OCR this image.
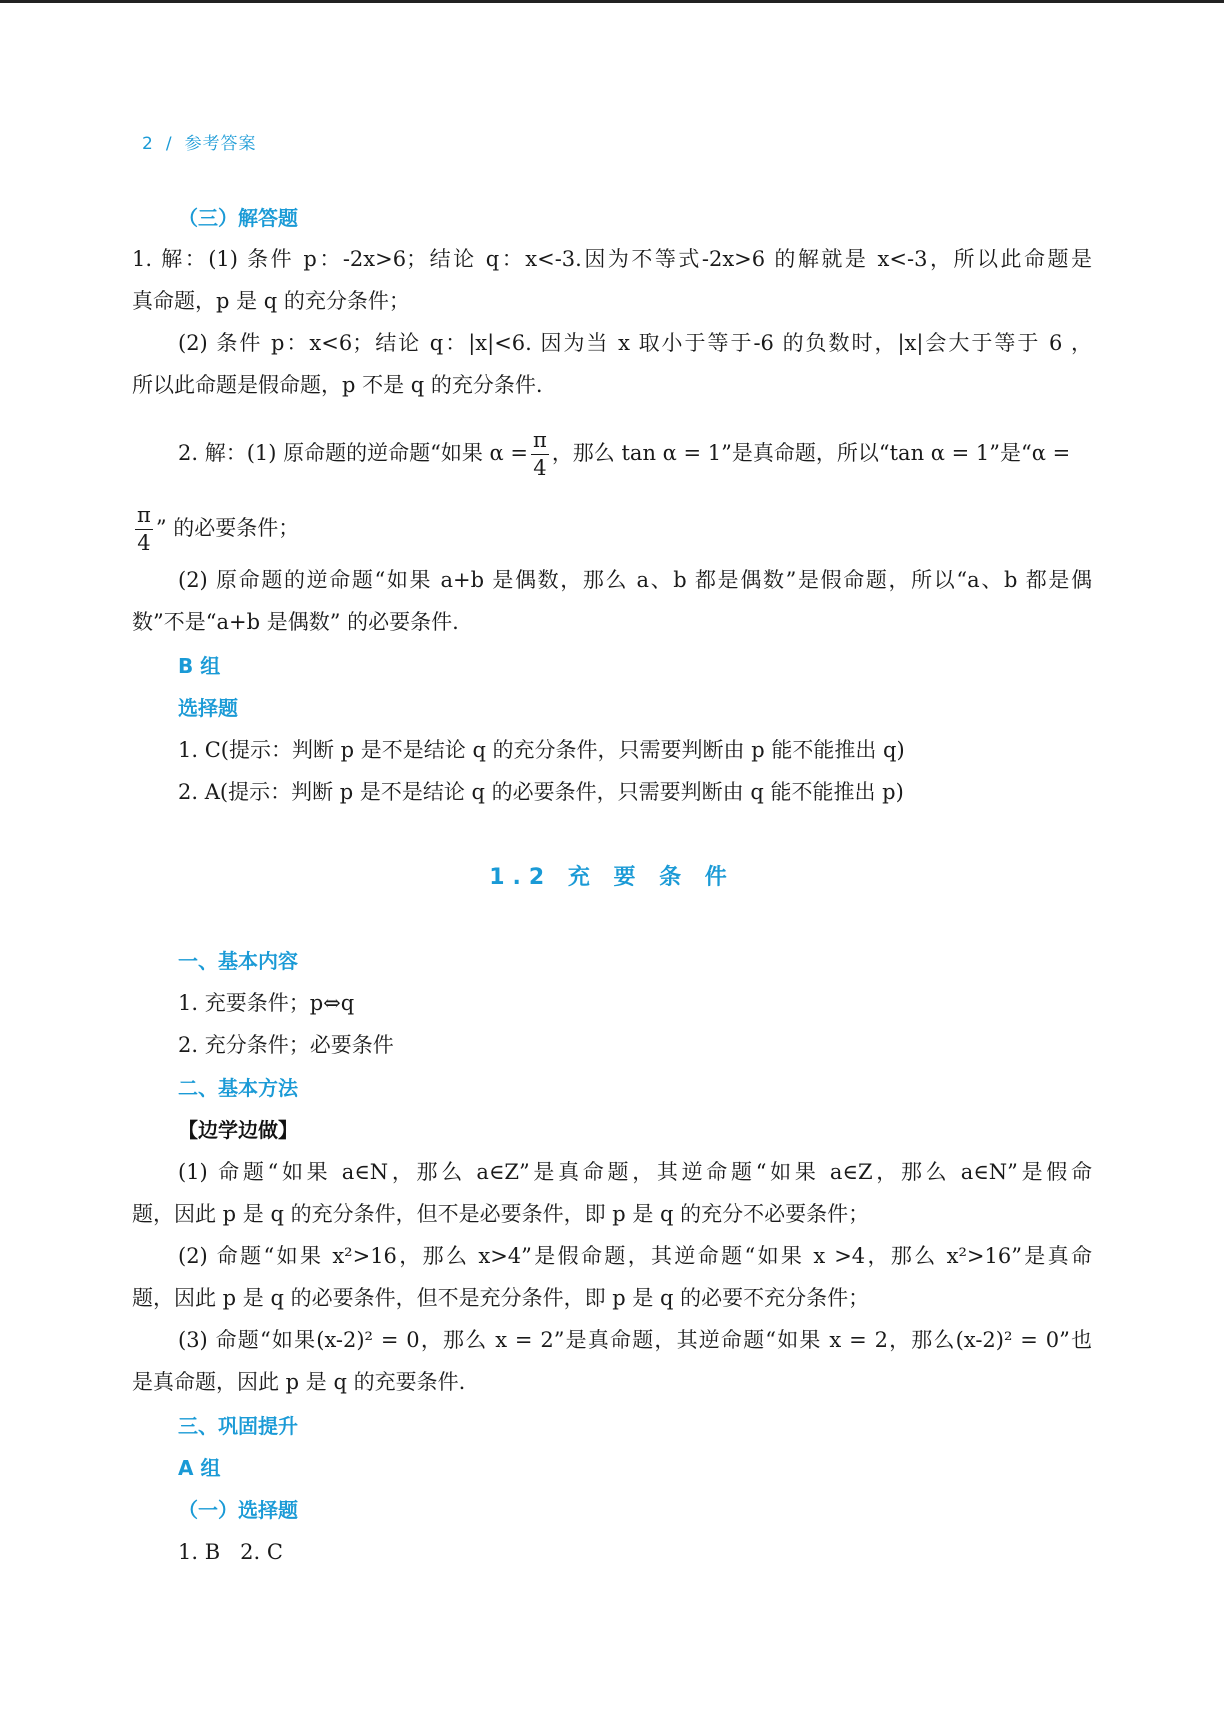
2 / 参考答案
（三）解答题
1. 解：(1) 条件 p：-2x>6；结论 q：x<-3.因为不等式-2x>6 的解就是 x<-3，所以此命题是
真命题，p 是 q 的充分条件；
(2) 条件 p：x<6；结论 q：|x|<6. 因为当 x 取小于等于-6 的负数时，|x|会大于等于 6 ，
所以此命题是假命题，p 不是 q 的充分条件.
2. 解：(1) 原命题的逆命题“如果 $\alpha = \frac{\pi}{4}$ ，那么 tan α = 1”是真命题，所以“tan α = 1”是“α =
$\frac{\pi}{4}$ ” 的必要条件；
(2) 原命题的逆命题“如果 a+b 是偶数，那么 a、b 都是偶数”是假命题，所以“a、b 都是偶
数”不是“a+b 是偶数” 的必要条件.
B 组
选择题
1. C(提示：判断 p 是不是结论 q 的充分条件，只需要判断由 p 能不能推出 q)
2. A(提示：判断 p 是不是结论 q 的必要条件，只需要判断由 q 能不能推出 p)
1.2 充 要 条 件
一、基本内容
1. 充要条件；p⇔q
2. 充分条件；必要条件
二、基本方法
【边学边做】
(1) 命题“如果 a∈N，那么 a∈Z”是真命题，其逆命题“如果 a∈Z，那么 a∈N”是假命
题，因此 p 是 q 的充分条件，但不是必要条件，即 p 是 q 的充分不必要条件；
(2) 命题“如果 x²>16，那么 x>4”是假命题，其逆命题“如果 x >4，那么 x²>16”是真命
题，因此 p 是 q 的必要条件，但不是充分条件，即 p 是 q 的必要不充分条件；
(3) 命题“如果(x-2)² = 0，那么 x = 2”是真命题，其逆命题“如果 x = 2，那么(x-2)² = 0”也
是真命题，因此 p 是 q 的充要条件.
三、巩固提升
A 组
（一）选择题
1. B   2. C
